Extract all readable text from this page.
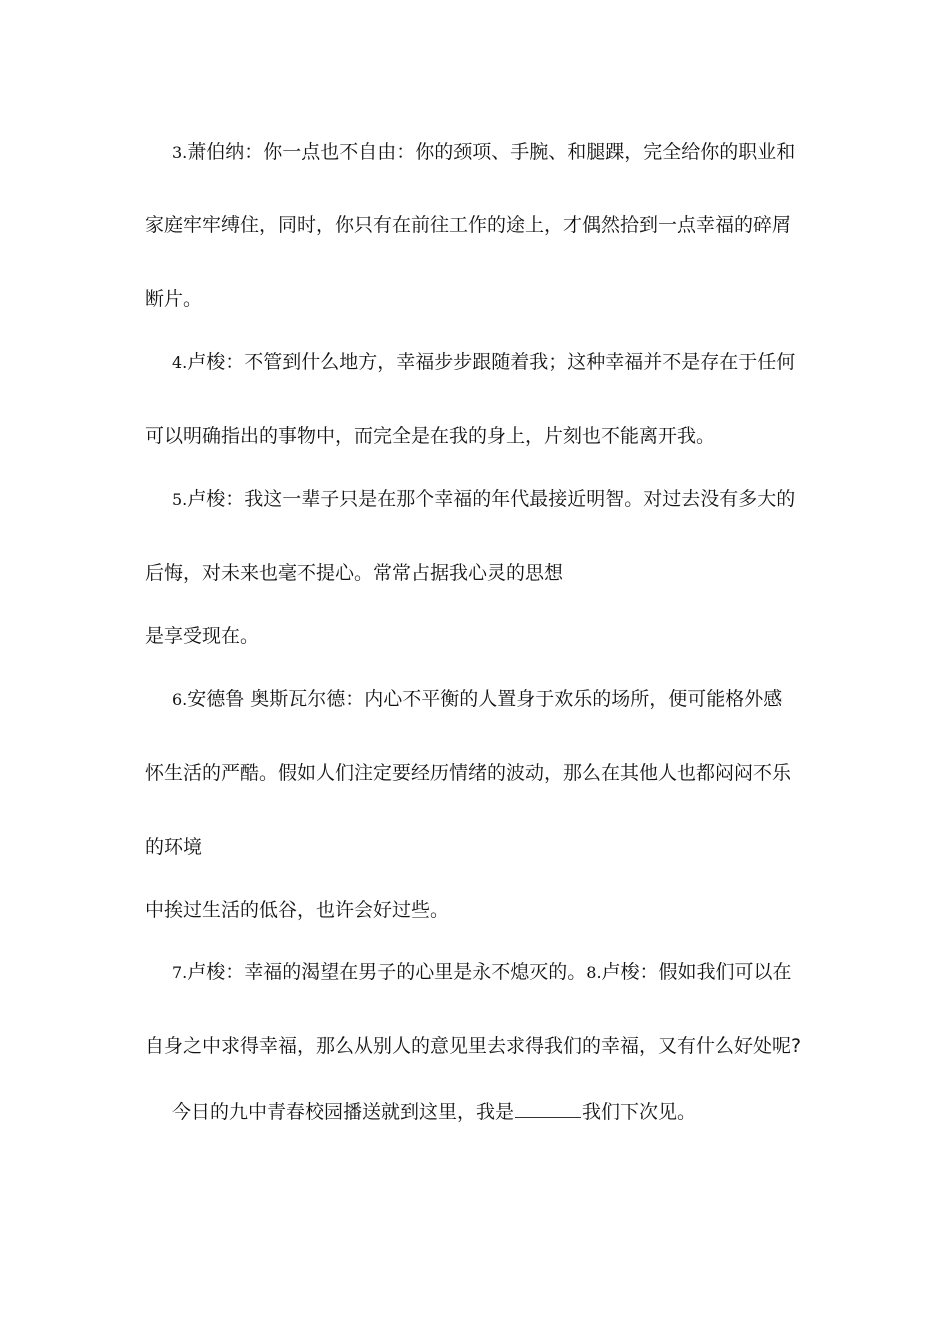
3.萧伯纳：你一点也不自由：你的颈项、手腕、和腿踝，完全给你的职业和
家庭牢牢缚住，同时，你只有在前往工作的途上，才偶然拾到一点幸福的碎屑
断片。
4.卢梭：不管到什么地方，幸福步步跟随着我；这种幸福并不是存在于任何
可以明确指出的事物中，而完全是在我的身上，片刻也不能离开我。
5.卢梭：我这一辈子只是在那个幸福的年代最接近明智。对过去没有多大的
后悔，对未来也毫不提心。常常占据我心灵的思想
是享受现在。
6.安德鲁 奥斯瓦尔德：内心不平衡的人置身于欢乐的场所，便可能格外感
怀生活的严酷。假如人们注定要经历情绪的波动，那么在其他人也都闷闷不乐
的环境
中挨过生活的低谷，也许会好过些。
7.卢梭：幸福的渴望在男子的心里是永不熄灭的。8.卢梭：假如我们可以在
自身之中求得幸福，那么从别人的意见里去求得我们的幸福，又有什么好处呢?
今日的九中青春校园播送就到这里，我是	我们下次见。
